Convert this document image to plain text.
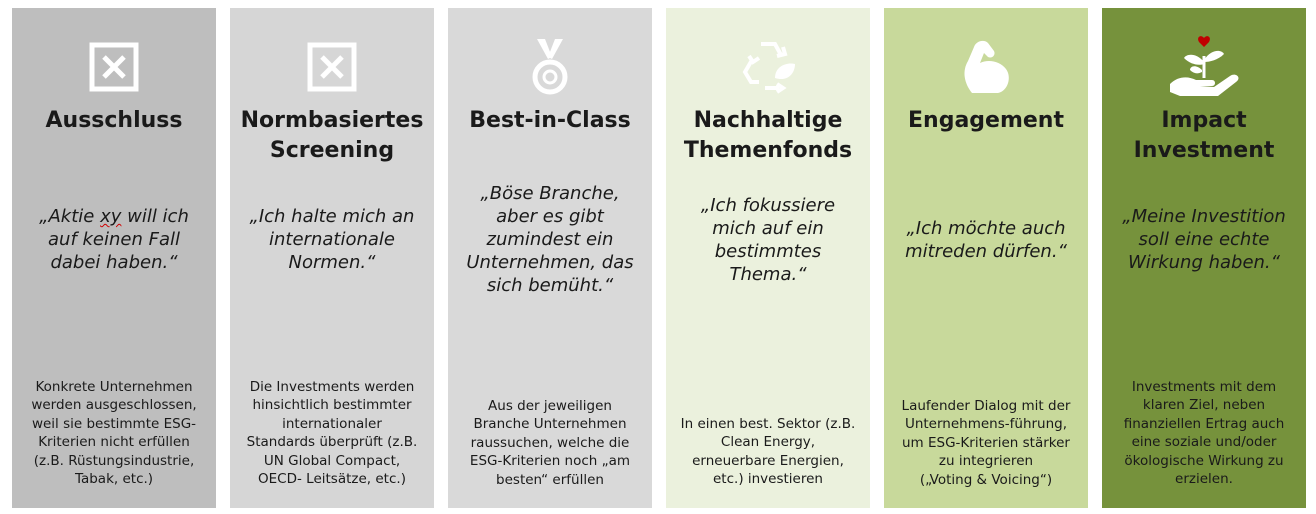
Ausschluss
„Aktie xy will ich
auf keinen Fall
dabei haben.“
Konkrete Unternehmen
werden ausgeschlossen,
weil sie bestimmte ESG-
Kriterien nicht erfüllen
(z.B. Rüstungsindustrie,
Tabak, etc.)
Normbasiertes
Screening
„Ich halte mich an
internationale
Normen.“
Die Investments werden
hinsichtlich bestimmter
internationaler
Standards überprüft (z.B.
UN Global Compact,
OECD- Leitsätze, etc.)
Best-in-Class
„Böse Branche,
aber es gibt
zumindest ein
Unternehmen, das
sich bemüht.“
Aus der jeweiligen
Branche Unternehmen
raussuchen, welche die
ESG-Kriterien noch „am
besten“ erfüllen
Nachhaltige
Themenfonds
„Ich fokussiere
mich auf ein
bestimmtes
Thema.“
In einen best. Sektor (z.B.
Clean Energy,
erneuerbare Energien,
etc.) investieren
Engagement
„Ich möchte auch
mitreden dürfen.“
Laufender Dialog mit der
Unternehmens-führung,
um ESG-Kriterien stärker
zu integrieren
(„Voting & Voicing“)
Impact
Investment
„Meine Investition
soll eine echte
Wirkung haben.“
Investments mit dem
klaren Ziel, neben
finanziellen Ertrag auch
eine soziale und/oder
ökologische Wirkung zu
erzielen.
